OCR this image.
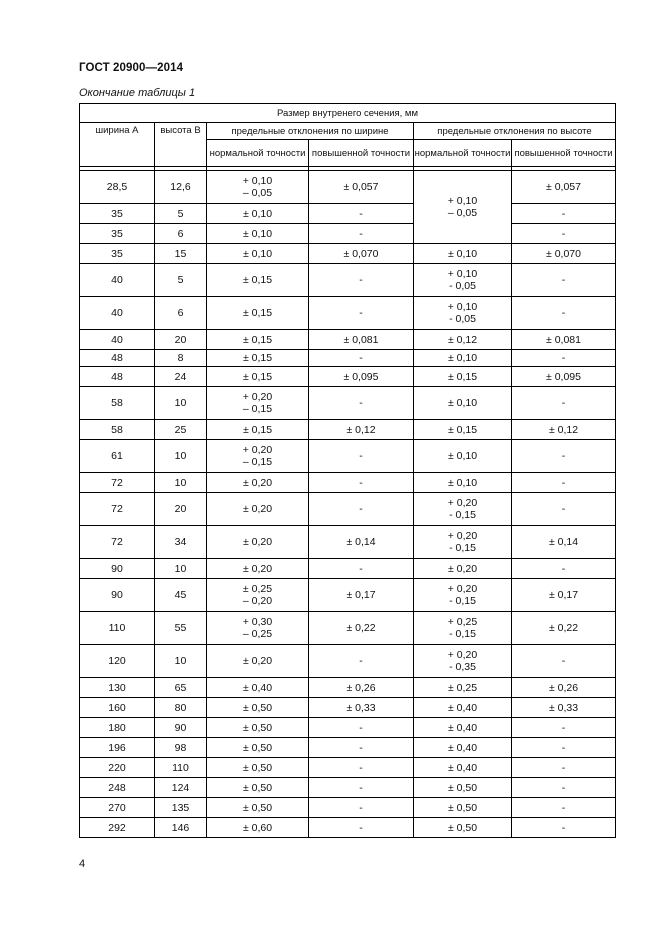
ГОСТ 20900—2014
Окончание таблицы 1
Размер внутренего сечения, мм					
ширина А	высота В	предельные отклонения по ширине		предельные отклонения по высоте	
		нормальной точности	повышенной точности	нормальной точности	повышенной точности

28,5	12,6	+ 0,10
– 0,05	± 0,057	+ 0,10
– 0,05	± 0,057
35	5	± 0,10	-		-
35	6	± 0,10	-		-
35	15	± 0,10	± 0,070	± 0,10	± 0,070
40	5	± 0,15	-	+ 0,10
- 0,05	-
40	6	± 0,15	-	+ 0,10
- 0,05	-
40	20	± 0,15	± 0,081	± 0,12	± 0,081
48	8	± 0,15	-	± 0,10	-
48	24	± 0,15	± 0,095	± 0,15	± 0,095
58	10	+ 0,20
– 0,15	-	± 0,10	-
58	25	± 0,15	± 0,12	± 0,15	± 0,12
61	10	+ 0,20
– 0,15	-	± 0,10	-
72	10	± 0,20	-	± 0,10	-
72	20	± 0,20	-	+ 0,20
- 0,15	-
72	34	± 0,20	± 0,14	+ 0,20
- 0,15	± 0,14
90	10	± 0,20	-	± 0,20	-
90	45	± 0,25
– 0,20	± 0,17	+ 0,20
- 0,15	± 0,17
110	55	+ 0,30
– 0,25	± 0,22	+ 0,25
- 0,15	± 0,22
120	10	± 0,20	-	+ 0,20
- 0,35	-
130	65	± 0,40	± 0,26	± 0,25	± 0,26
160	80	± 0,50	± 0,33	± 0,40	± 0,33
180	90	± 0,50	-	± 0,40	-
196	98	± 0,50	-	± 0,40	-
220	110	± 0,50	-	± 0,40	-
248	124	± 0,50	-	± 0,50	-
270	135	± 0,50	-	± 0,50	-
292	146	± 0,60	-	± 0,50	-
4
